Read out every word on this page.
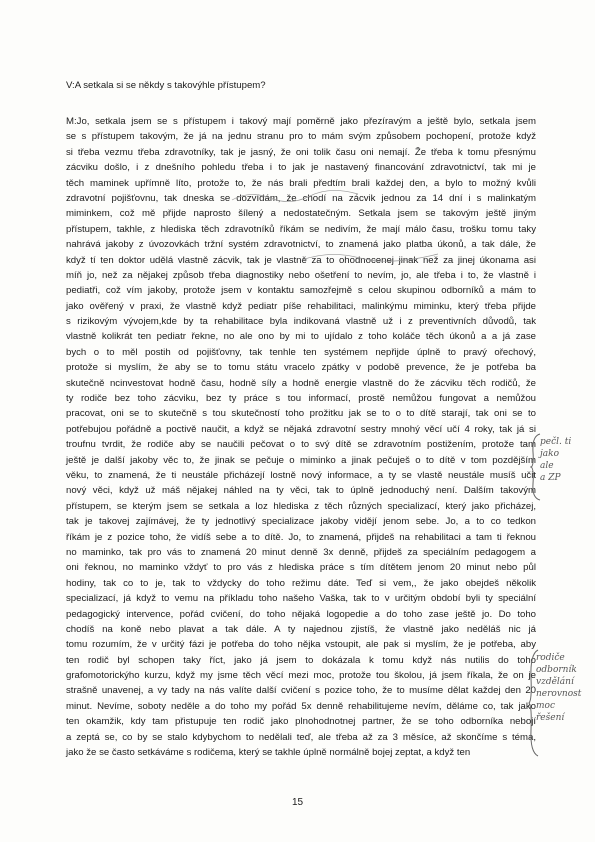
V:A setkala si se někdy s takovýhle přístupem?
M:Jo, setkala jsem se s přístupem i takový mají poměrně jako přezíravým a ještě bylo, setkala jsem
se s přístupem takovým, že já na jednu stranu pro to mám svým způsobem pochopení, protože když
si třeba vezmu třeba zdravotníky, tak je jasný, že oni tolik času oni nemají. Že třeba k tomu přesnýmu
zácviku došlo, i z dnešního pohledu třeba i to jak je nastavený financování zdravotnictví, tak mi je
těch maminek upřímně líto, protože to, že nás brali předtím brali každej den, a bylo to možný kvůli
zdravotní pojišťovnu, tak dneska se dozvídám, že chodí na zácvik jednou za 14 dní i s malinkatým
miminkem, což mě přijde naprosto šílený a nedostatečným. Setkala jsem se takovým ještě jiným
přístupem, takhle, z hlediska těch zdravotníků říkám se nedivím, že mají málo času, trošku tomu taky
nahrává jakoby z úvozovkách tržní systém zdravotnictví, to znamená jako platba úkonů, a tak dále, že
když tí ten doktor udělá vlastně zácvik, tak je vlastně za to ohodnocenej jinak než za jinej úkonama asi
míň jo, než za nějakej způsob třeba diagnostiky nebo ošetření to nevím, jo, ale třeba i to, že vlastně i
pediatři, což vím jakoby, protože jsem v kontaktu samozřejmě s celou skupinou odborníků a mám to
jako ověřený v praxi, že vlastně když pediatr píše rehabilitaci, malinkýmu miminku, který třeba přijde
s rizikovým vývojem,kde by ta rehabilitace byla indikovaná vlastně už i z preventivních důvodů, tak
vlastně kolikrát ten pediatr řekne, no ale ono by mi to ujídalo z toho koláče těch úkonů a a já zase
bych o to měl postih od pojišťovny, tak tenhle ten systémem nepřijde úplně to pravý ořechový,
protože si myslím, že aby se to tomu státu vracelo zpátky v podobě prevence, že je potřeba ba
skutečně ncinvestovat hodně času, hodně síly a hodně energie vlastně do že zácviku těch rodičů, že
ty rodiče bez toho zácviku, bez ty práce s tou informací, prostě nemůžou fungovat a nemůžou
pracovat, oni se to skutečně s tou skutečností toho prožitku jak se to o to dítě starají, tak oni se to
potřebujou pořádně a poctivě naučit, a když se nějaká zdravotní sestry mnohý věcí učí 4 roky, tak já si
troufnu tvrdit, že rodiče aby se naučili pečovat o to svý dítě se zdravotním postižením, protože tam
ještě je další jakoby věc to, že jinak se pečuje o miminko a jinak pečuješ o to dítě v tom pozdějším
věku, to znamená, že ti neustále přicházejí lostně nový informace, a ty se vlastě neustále musíš učit
nový věci, když už máš nějakej náhled na ty věci, tak to úplně jednoduchý není. Dalším takovým
přístupem, se kterým jsem se setkala a loz hlediska z těch různých specializací, který jako přicházej,
tak je takovej zajímávej, že ty jednotlivý specializace jakoby vidějí jenom sebe. Jo, a to co tedkon
říkám je z pozice toho, že vidíš sebe a to dítě. Jo, to znamená, přijdeš na rehabilitaci a tam ti řeknou
no maminko, tak pro vás to znamená 20 minut denně 3x denně, přijdeš za speciálním pedagogem a
oni řeknou, no maminko vždyť to pro vás z hlediska práce s tím dítětem jenom 20 minut nebo půl
hodiny, tak co to je, tak to vždycky do toho režimu dáte. Teď si vem,, že jako obejdeš několik
specializací, já když to vemu na příkladu toho našeho Vaška, tak to v určitým období byli ty speciální
pedagogický intervence, pořád cvičení, do toho nějaká logopedie a do toho zase ještě jo. Do toho
chodíš na koně nebo plavat a tak dále. A ty najednou zjistíš, že vlastně jako neděláš nic já
tomu rozumím, že v určitý fázi je potřeba do toho nějka vstoupit, ale pak si myslím, že je potřeba, aby
ten rodič byl schopen taky říct, jako já jsem to dokázala k tomu když nás nutilis do toho
grafomotorickýho kurzu, když my jsme těch věcí mezi moc, protože tou školou, já jsem říkala, že on je
strašně unavenej, a vy tady na nás valíte další cvičení s pozice toho, že to musíme dělat každej den 20
minut. Nevíme, soboty neděle a do toho my pořád 5x denně rehabilitujeme nevím, děláme co, tak jako
ten okamžik, kdy tam přistupuje ten rodič jako plnohodnotnej partner, že se toho odborníka nebojí
a zeptá se, co by se stalo kdybychom to nedělali teď, ale třeba až za 3 měsíce, až skončíme s téma,
jako že se často setkáváme s rodičema, který se takhle úplně normálně bojej zeptat, a když ten
pečl. ti
jako
ale
a ZP
rodiče
odborník
vzdělání
nerovnost
moc
řešení
15
